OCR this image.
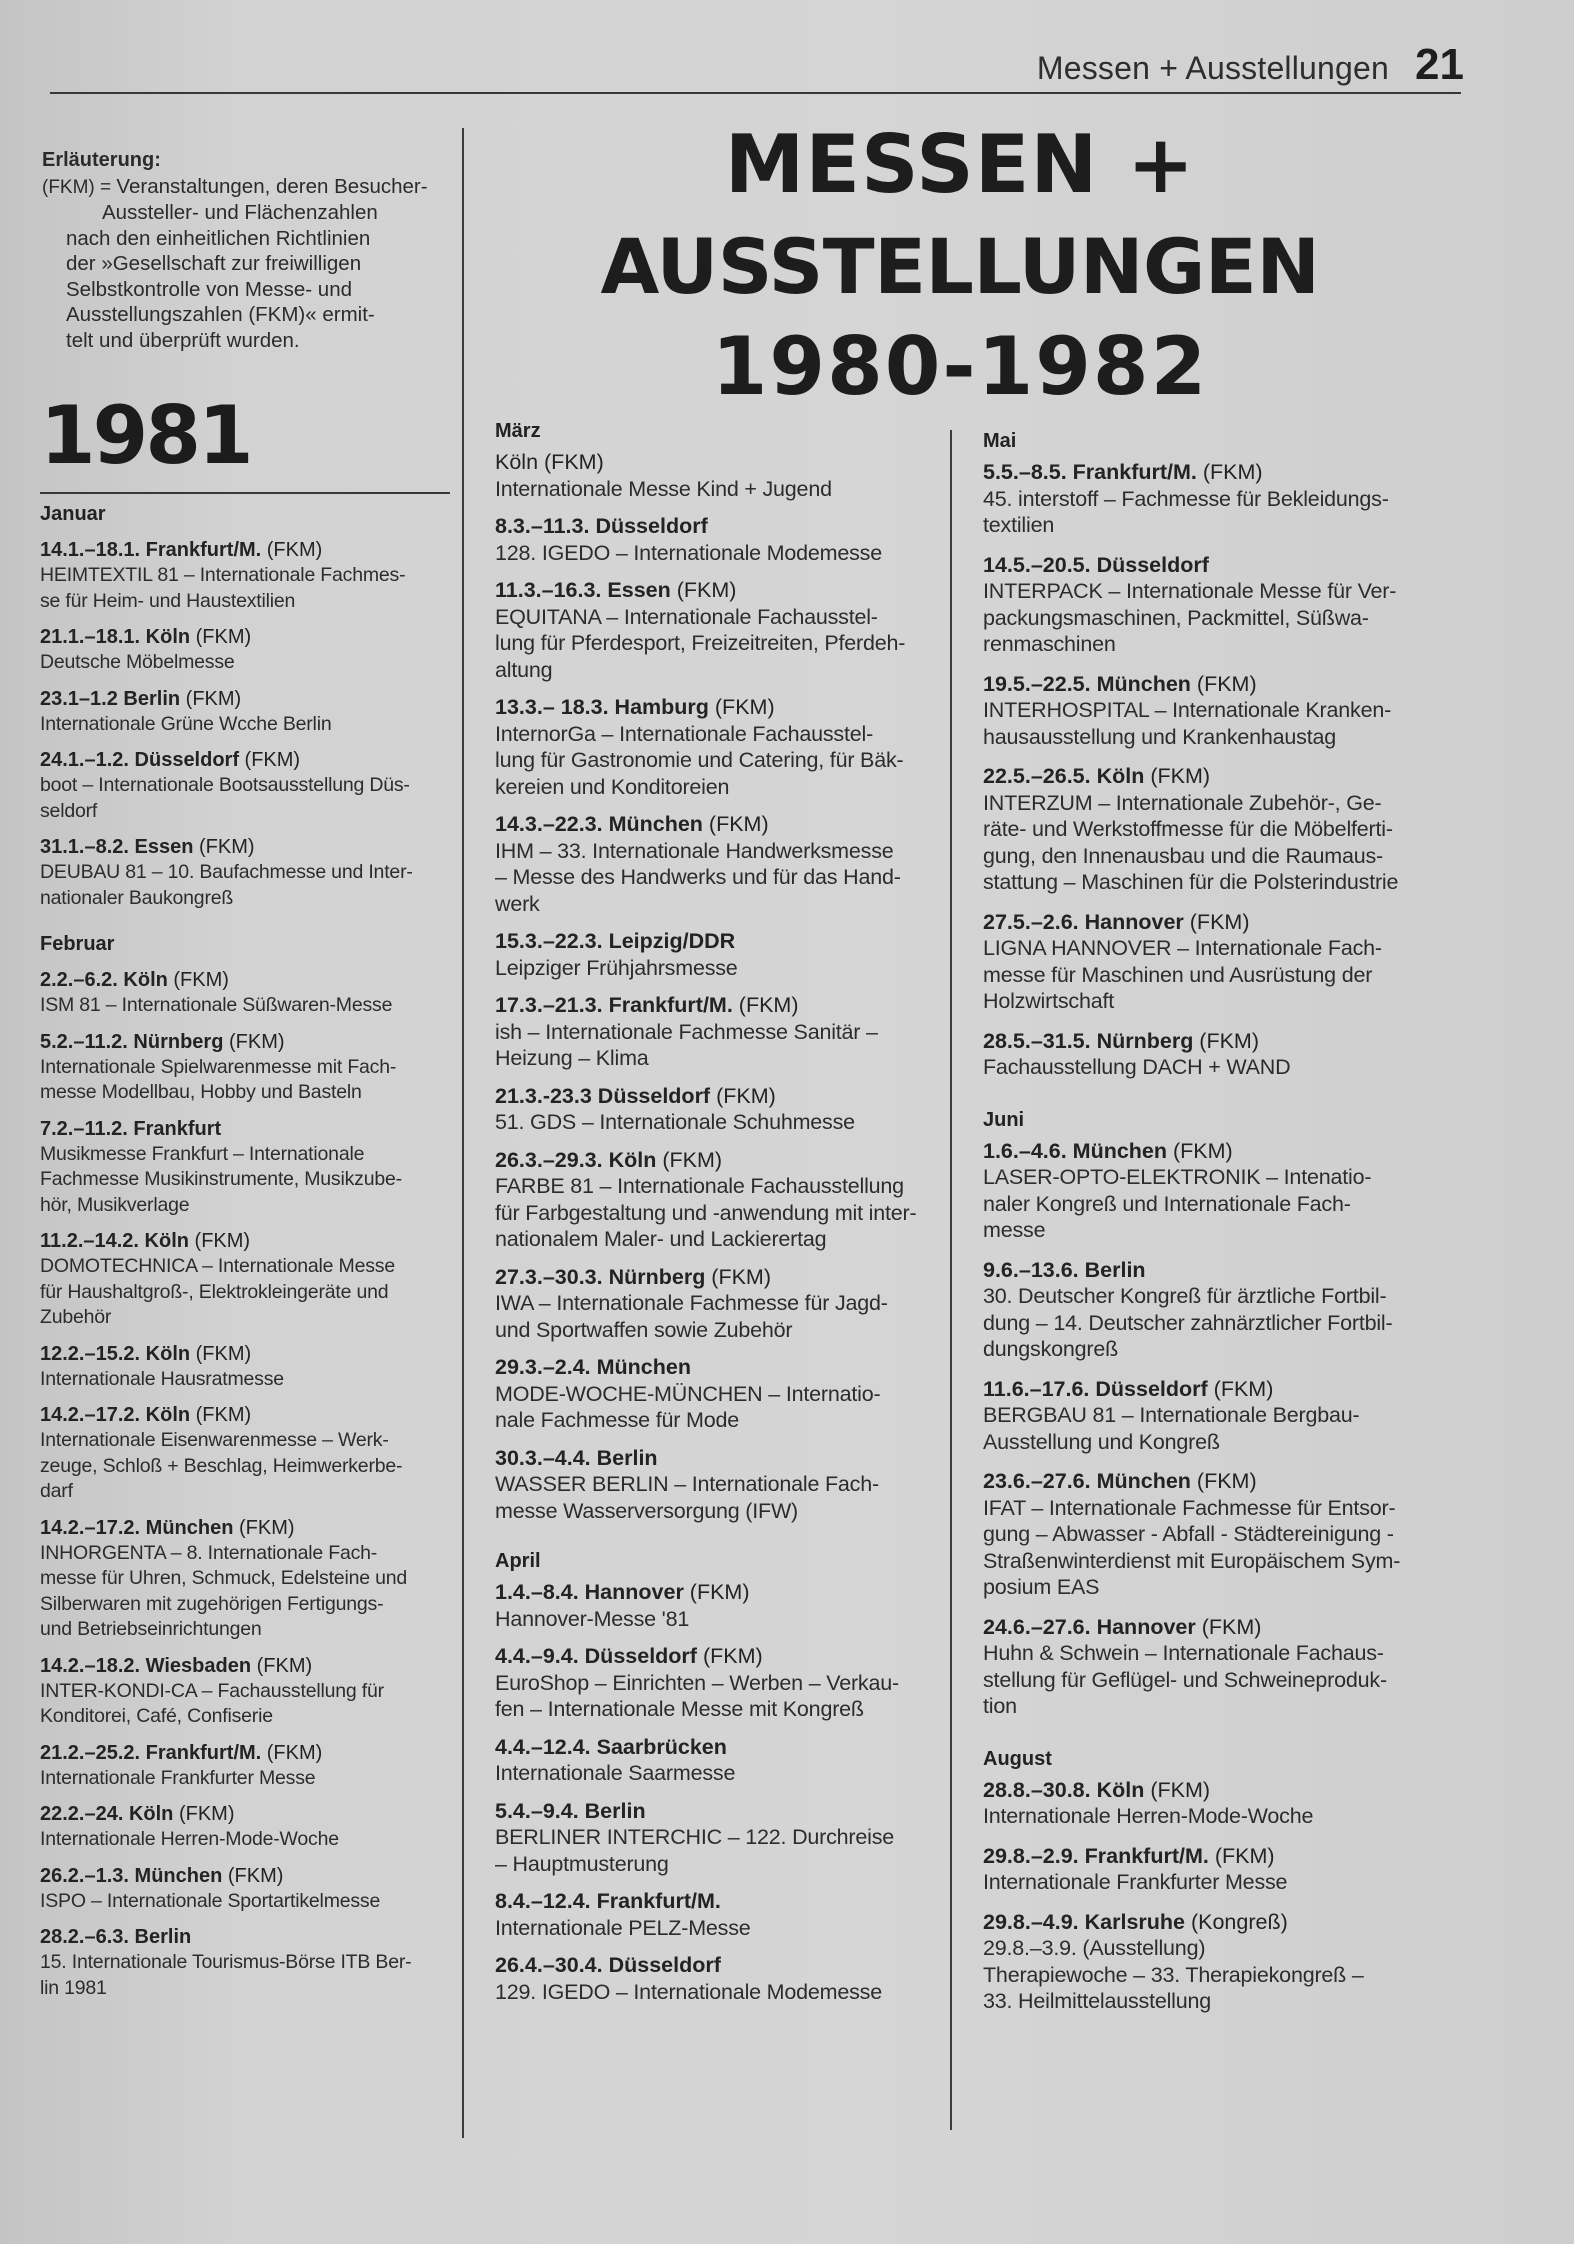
Messen + Ausstellungen 21
MESSEN +
AUSSTELLUNGEN
1980-1982
Erläuterung:
(FKM) = Veranstaltungen, deren Besucher-
Aussteller- und Flächenzahlen
nach den einheitlichen Richtlinien
der »Gesellschaft zur freiwilligen
Selbstkontrolle von Messe- und
Ausstellungszahlen (FKM)« ermit-
telt und überprüft wurden.
1981
Januar
14.1.–18.1. Frankfurt/M. (FKM)
HEIMTEXTIL 81 – Internationale Fachmes-
se für Heim- und Haustextilien
21.1.–18.1. Köln (FKM)
Deutsche Möbelmesse
23.1–1.2 Berlin (FKM)
Internationale Grüne Wcche Berlin
24.1.–1.2. Düsseldorf (FKM)
boot – Internationale Bootsausstellung Düs-
seldorf
31.1.–8.2. Essen (FKM)
DEUBAU 81 – 10. Baufachmesse und Inter-
nationaler Baukongreß
Februar
2.2.–6.2. Köln (FKM)
ISM 81 – Internationale Süßwaren-Messe
5.2.–11.2. Nürnberg (FKM)
Internationale Spielwarenmesse mit Fach-
messe Modellbau, Hobby und Basteln
7.2.–11.2. Frankfurt
Musikmesse Frankfurt – Internationale
Fachmesse Musikinstrumente, Musikzube-
hör, Musikverlage
11.2.–14.2. Köln (FKM)
DOMOTECHNICA – Internationale Messe
für Haushaltgroß-, Elektrokleingeräte und
Zubehör
12.2.–15.2. Köln (FKM)
Internationale Hausratmesse
14.2.–17.2. Köln (FKM)
Internationale Eisenwarenmesse – Werk-
zeuge, Schloß + Beschlag, Heimwerkerbe-
darf
14.2.–17.2. München (FKM)
INHORGENTA – 8. Internationale Fach-
messe für Uhren, Schmuck, Edelsteine und
Silberwaren mit zugehörigen Fertigungs-
und Betriebseinrichtungen
14.2.–18.2. Wiesbaden (FKM)
INTER-KONDI-CA – Fachausstellung für
Konditorei, Café, Confiserie
21.2.–25.2. Frankfurt/M. (FKM)
Internationale Frankfurter Messe
22.2.–24. Köln (FKM)
Internationale Herren-Mode-Woche
26.2.–1.3. München (FKM)
ISPO – Internationale Sportartikelmesse
28.2.–6.3. Berlin
15. Internationale Tourismus-Börse ITB Ber-
lin 1981
März
Köln (FKM)
Internationale Messe Kind + Jugend
8.3.–11.3. Düsseldorf
128. IGEDO – Internationale Modemesse
11.3.–16.3. Essen (FKM)
EQUITANA – Internationale Fachausstel-
lung für Pferdesport, Freizeitreiten, Pferdeh-
altung
13.3.– 18.3. Hamburg (FKM)
InternorGa – Internationale Fachausstel-
lung für Gastronomie und Catering, für Bäk-
kereien und Konditoreien
14.3.–22.3. München (FKM)
IHM – 33. Internationale Handwerksmesse
– Messe des Handwerks und für das Hand-
werk
15.3.–22.3. Leipzig/DDR
Leipziger Frühjahrsmesse
17.3.–21.3. Frankfurt/M. (FKM)
ish – Internationale Fachmesse Sanitär –
Heizung – Klima
21.3.-23.3 Düsseldorf (FKM)
51. GDS – Internationale Schuhmesse
26.3.–29.3. Köln (FKM)
FARBE 81 – Internationale Fachausstellung
für Farbgestaltung und -anwendung mit inter-
nationalem Maler- und Lackierertag
27.3.–30.3. Nürnberg (FKM)
IWA – Internationale Fachmesse für Jagd-
und Sportwaffen sowie Zubehör
29.3.–2.4. München
MODE-WOCHE-MÜNCHEN – Internatio-
nale Fachmesse für Mode
30.3.–4.4. Berlin
WASSER BERLIN – Internationale Fach-
messe Wasserversorgung (IFW)
April
1.4.–8.4. Hannover (FKM)
Hannover-Messe '81
4.4.–9.4. Düsseldorf (FKM)
EuroShop – Einrichten – Werben – Verkau-
fen – Internationale Messe mit Kongreß
4.4.–12.4. Saarbrücken
Internationale Saarmesse
5.4.–9.4. Berlin
BERLINER INTERCHIC – 122. Durchreise
– Hauptmusterung
8.4.–12.4. Frankfurt/M.
Internationale PELZ-Messe
26.4.–30.4. Düsseldorf
129. IGEDO – Internationale Modemesse
Mai
5.5.–8.5. Frankfurt/M. (FKM)
45. interstoff – Fachmesse für Bekleidungs-
textilien
14.5.–20.5. Düsseldorf
INTERPACK – Internationale Messe für Ver-
packungsmaschinen, Packmittel, Süßwa-
renmaschinen
19.5.–22.5. München (FKM)
INTERHOSPITAL – Internationale Kranken-
hausausstellung und Krankenhaustag
22.5.–26.5. Köln (FKM)
INTERZUM – Internationale Zubehör-, Ge-
räte- und Werkstoffmesse für die Möbelferti-
gung, den Innenausbau und die Raumaus-
stattung – Maschinen für die Polsterindustrie
27.5.–2.6. Hannover (FKM)
LIGNA HANNOVER – Internationale Fach-
messe für Maschinen und Ausrüstung der
Holzwirtschaft
28.5.–31.5. Nürnberg (FKM)
Fachausstellung DACH + WAND
Juni
1.6.–4.6. München (FKM)
LASER-OPTO-ELEKTRONIK – Intenatio-
naler Kongreß und Internationale Fach-
messe
9.6.–13.6. Berlin
30. Deutscher Kongreß für ärztliche Fortbil-
dung – 14. Deutscher zahnärztlicher Fortbil-
dungskongreß
11.6.–17.6. Düsseldorf (FKM)
BERGBAU 81 – Internationale Bergbau-
Ausstellung und Kongreß
23.6.–27.6. München (FKM)
IFAT – Internationale Fachmesse für Entsor-
gung – Abwasser - Abfall - Städtereinigung -
Straßenwinterdienst mit Europäischem Sym-
posium EAS
24.6.–27.6. Hannover (FKM)
Huhn & Schwein – Internationale Fachaus-
stellung für Geflügel- und Schweineproduk-
tion
August
28.8.–30.8. Köln (FKM)
Internationale Herren-Mode-Woche
29.8.–2.9. Frankfurt/M. (FKM)
Internationale Frankfurter Messe
29.8.–4.9. Karlsruhe (Kongreß)
29.8.–3.9. (Ausstellung)
Therapiewoche – 33. Therapiekongreß –
33. Heilmittelausstellung
